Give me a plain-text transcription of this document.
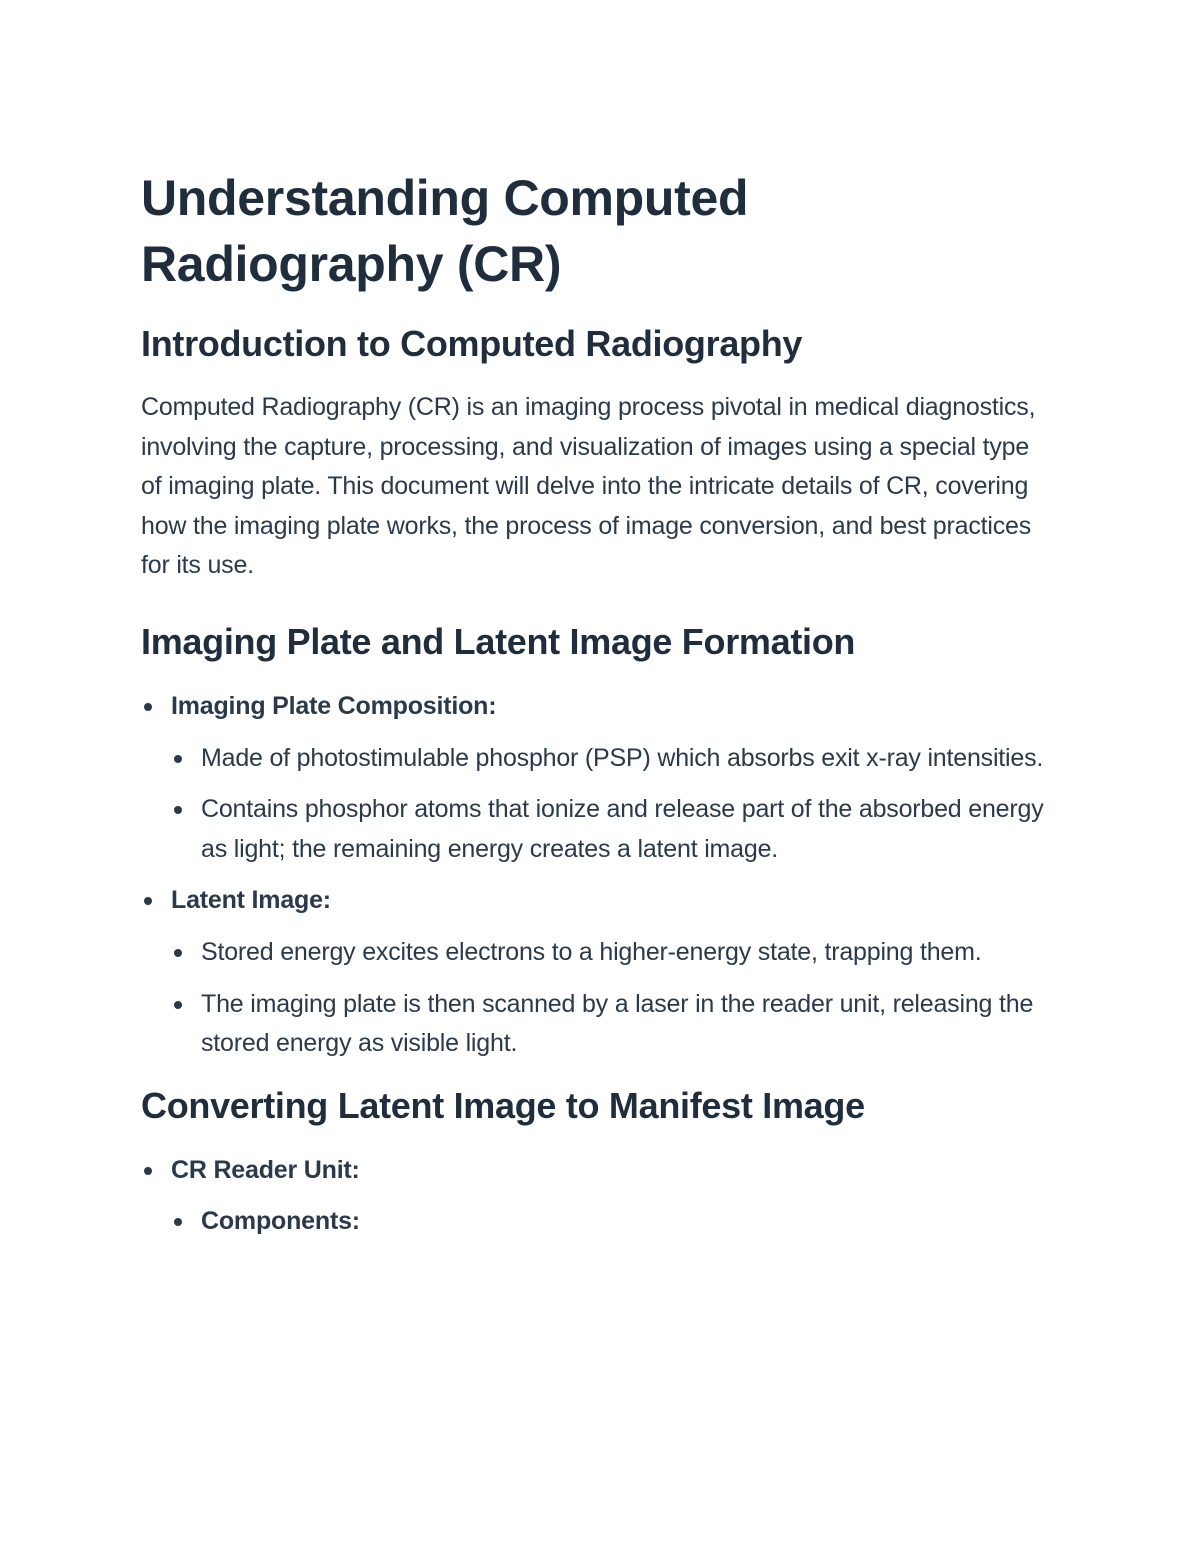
Understanding Computed Radiography (CR)
Introduction to Computed Radiography

Computed Radiography (CR) is an imaging process pivotal in medical diagnostics, involving the capture, processing, and visualization of images using a special type of imaging plate. This document will delve into the intricate details of CR, covering how the imaging plate works, the process of image conversion, and best practices for its use.

Imaging Plate and Latent Image Formation
Imaging Plate Composition:
Made of photostimulable phosphor (PSP) which absorbs exit x-ray intensities.
Contains phosphor atoms that ionize and release part of the absorbed energy as light; the remaining energy creates a latent image.
Latent Image:
Stored energy excites electrons to a higher-energy state, trapping them.
The imaging plate is then scanned by a laser in the reader unit, releasing the stored energy as visible light.
Converting Latent Image to Manifest Image
CR Reader Unit:
Components:
